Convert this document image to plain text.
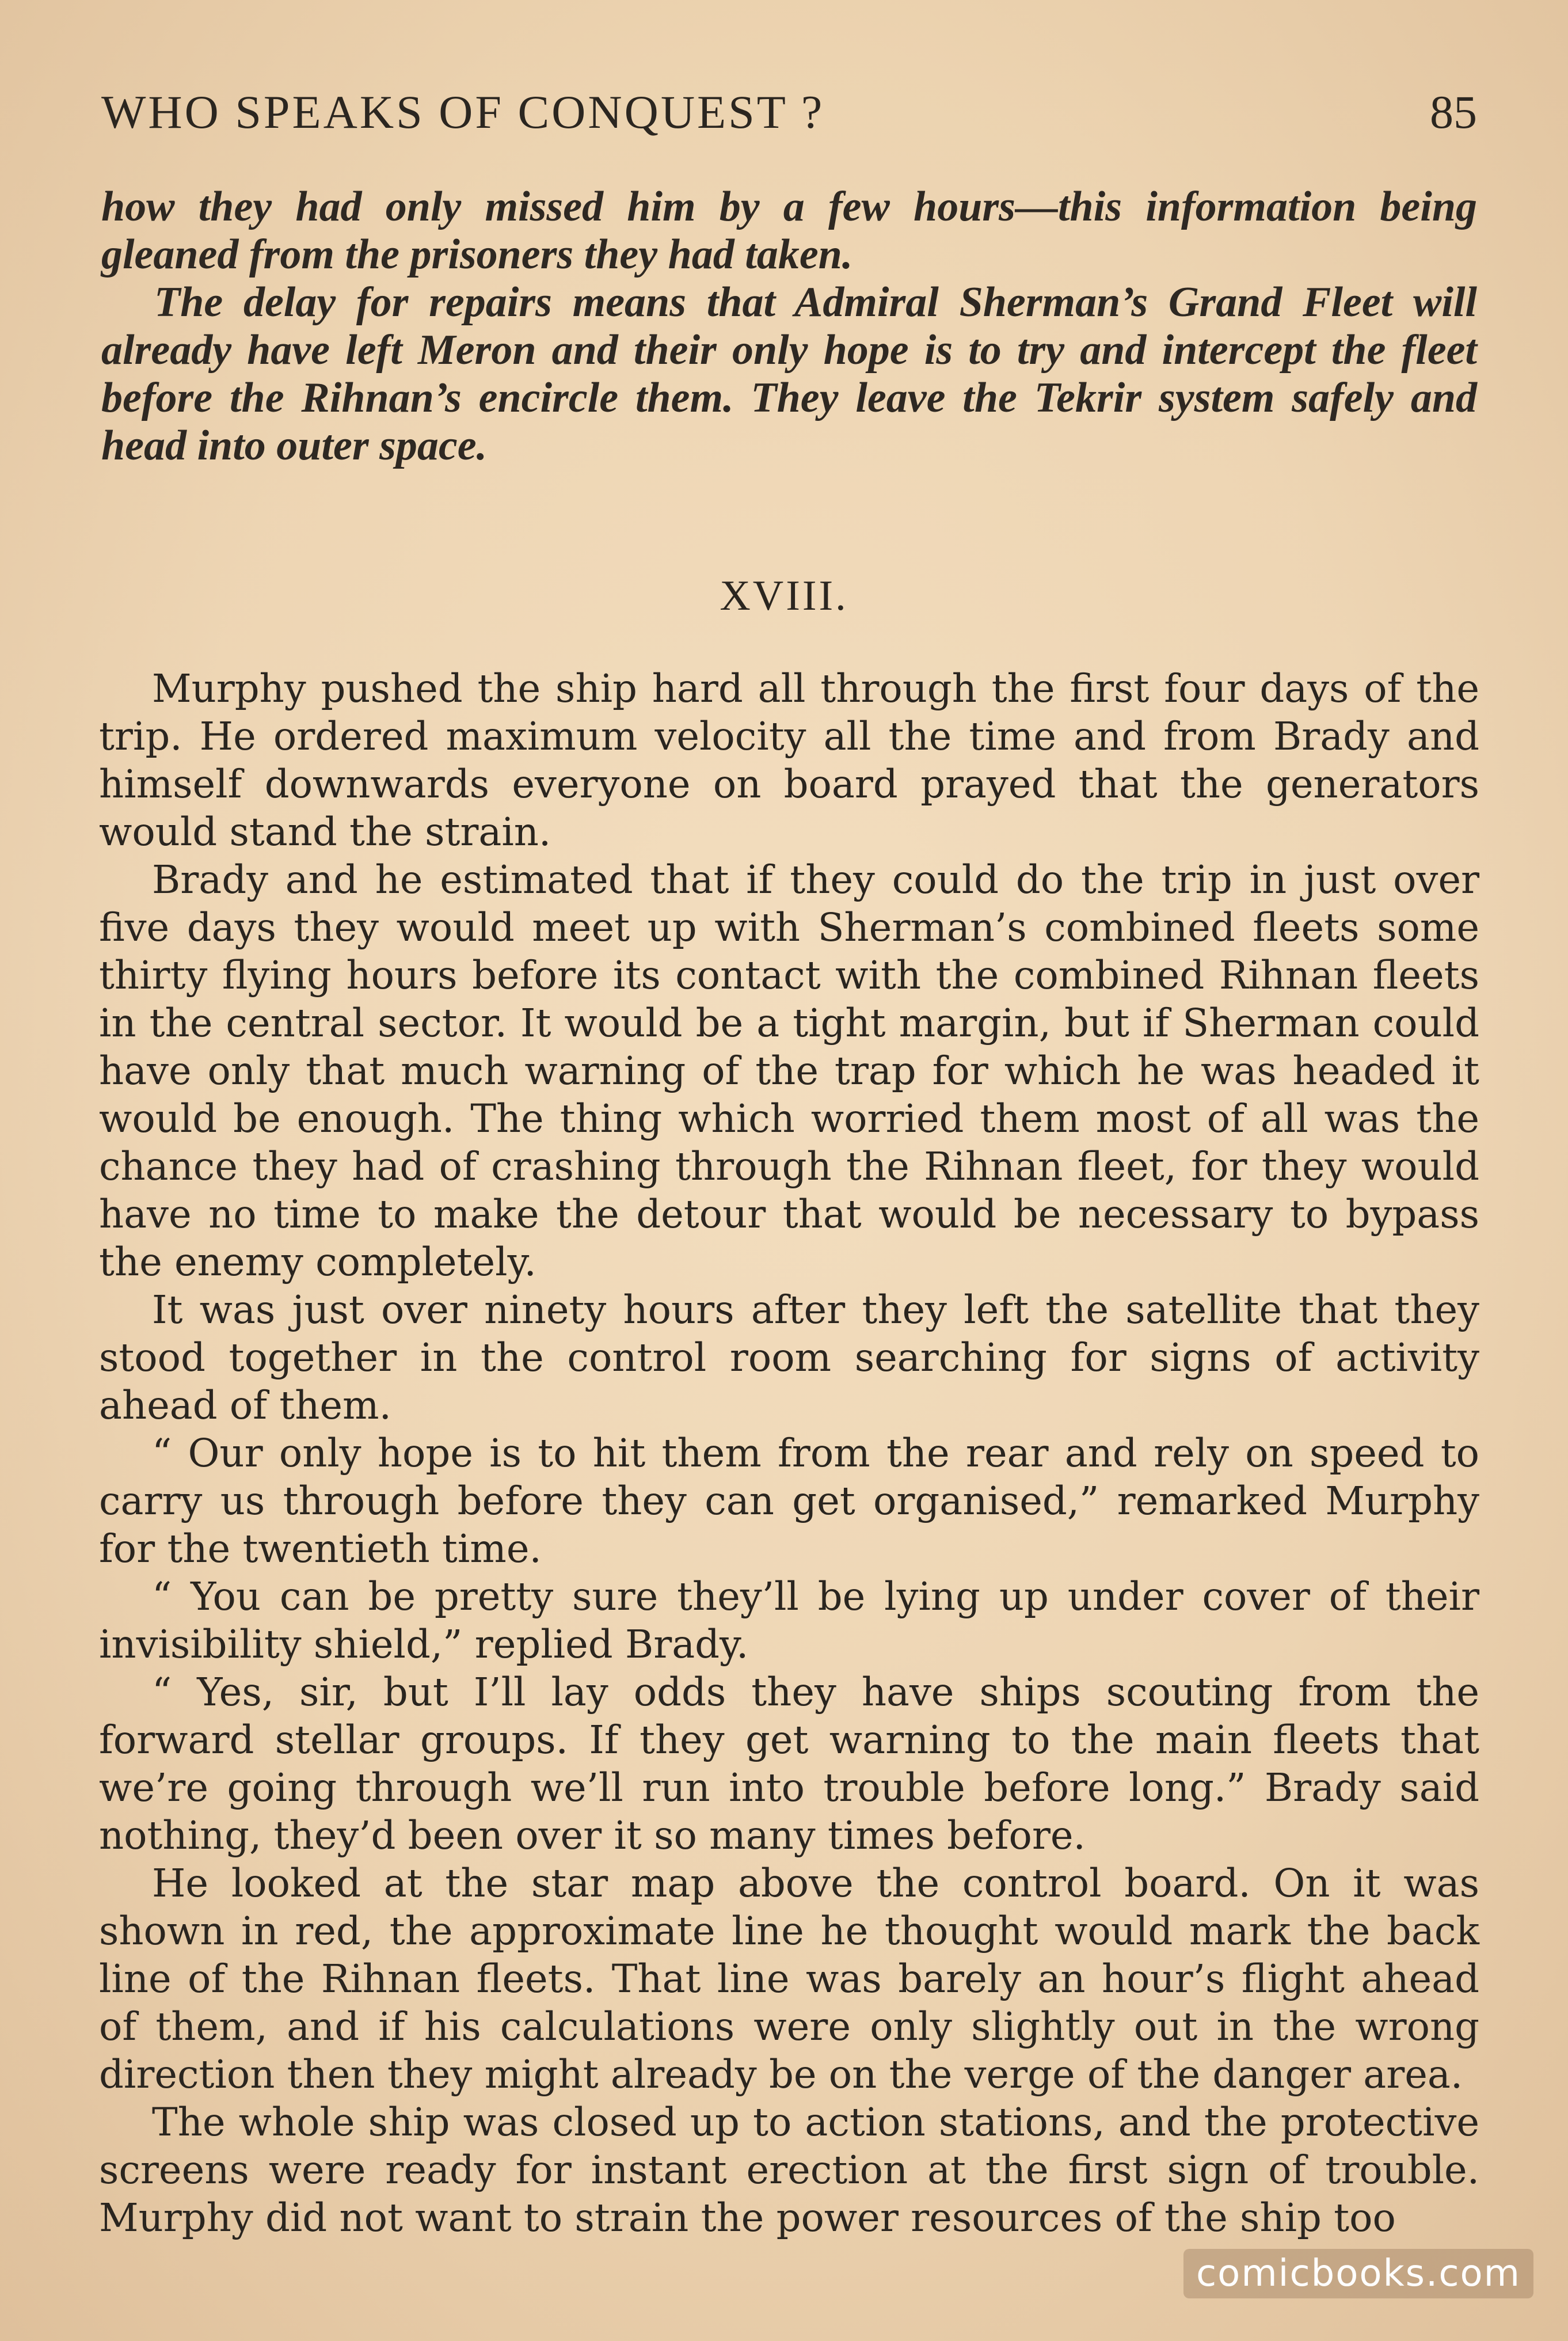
WHO SPEAKS OF CONQUEST ?	85

how they had only missed him by a few hours—this information being gleaned from the prisoners they had taken.

The delay for repairs means that Admiral Sherman’s Grand Fleet will already have left Meron and their only hope is to try and intercept the fleet before the Rihnan’s encircle them. They leave the Tekrir system safely and head into outer space.

XVIII.

Murphy pushed the ship hard all through the first four days of the trip. He ordered maximum velocity all the time and from Brady and himself downwards everyone on board prayed that the generators would stand the strain.

Brady and he estimated that if they could do the trip in just over five days they would meet up with Sherman’s combined fleets some thirty flying hours before its contact with the combined Rihnan fleets in the central sector. It would be a tight margin, but if Sherman could have only that much warning of the trap for which he was headed it would be enough. The thing which worried them most of all was the chance they had of crashing through the Rihnan fleet, for they would have no time to make the detour that would be necessary to bypass the enemy completely.

It was just over ninety hours after they left the satellite that they stood together in the control room searching for signs of activity ahead of them.

“ Our only hope is to hit them from the rear and rely on speed to carry us through before they can get organised,” remarked Murphy for the twentieth time.

“ You can be pretty sure they’ll be lying up under cover of their invisibility shield,” replied Brady.

“ Yes, sir, but I’ll lay odds they have ships scouting from the forward stellar groups. If they get warning to the main fleets that we’re going through we’ll run into trouble before long.” Brady said nothing, they’d been over it so many times before.

He looked at the star map above the control board. On it was shown in red, the approximate line he thought would mark the back line of the Rihnan fleets. That line was barely an hour’s flight ahead of them, and if his calculations were only slightly out in the wrong direction then they might already be on the verge of the danger area.

The whole ship was closed up to action stations, and the protective screens were ready for instant erection at the first sign of trouble. Murphy did not want to strain the power resources of the ship too

comicbooks.com
